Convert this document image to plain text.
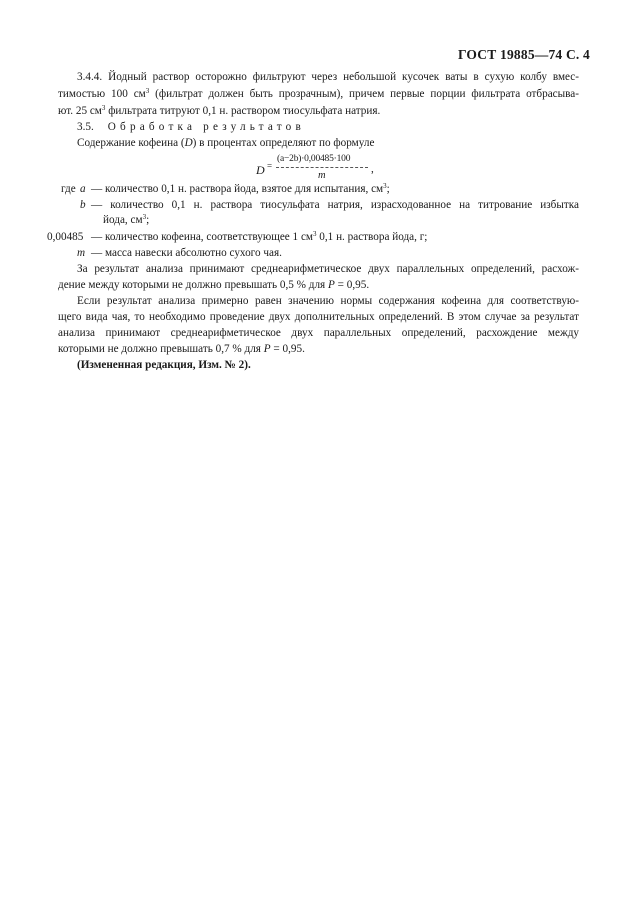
ГОСТ 19885—74 С. 4
3.4.4. Йодный раствор осторожно фильтруют через небольшой кусочек ваты в сухую колбу вмес-
тимостью 100 $см^3$ (фильтрат должен быть прозрачным), причем первые порции фильтрата отбрасыва-
ют. 25 $см^3$ фильтрата титруют 0,1 н. раствором тиосульфата натрия.
3.5. Обработка результатов
Содержание кофеина (D) в процентах определяют по формуле
D =
(a−2b)·0,00485·100
m
,
где a — количество 0,1 н. раствора йода, взятое для испытания, $см^3$;
b — количество 0,1 н. раствора тиосульфата натрия, израсходованное на титрование избытка
йода, $см^3$;
0,00485 — количество кофеина, соответствующее 1 $см^3$ 0,1 н. раствора йода, г;
m — масса навески абсолютно сухого чая.
За результат анализа принимают среднеарифметическое двух параллельных определений, расхож-
дение между которыми не должно превышать 0,5 % для P = 0,95.
Если результат анализа примерно равен значению нормы содержания кофеина для соответствую-
щего вида чая, то необходимо проведение двух дополнительных определений. В этом случае за результат
анализа принимают среднеарифметическое двух параллельных определений, расхождение между
которыми не должно превышать 0,7 % для P = 0,95.
(Измененная редакция, Изм. № 2).
